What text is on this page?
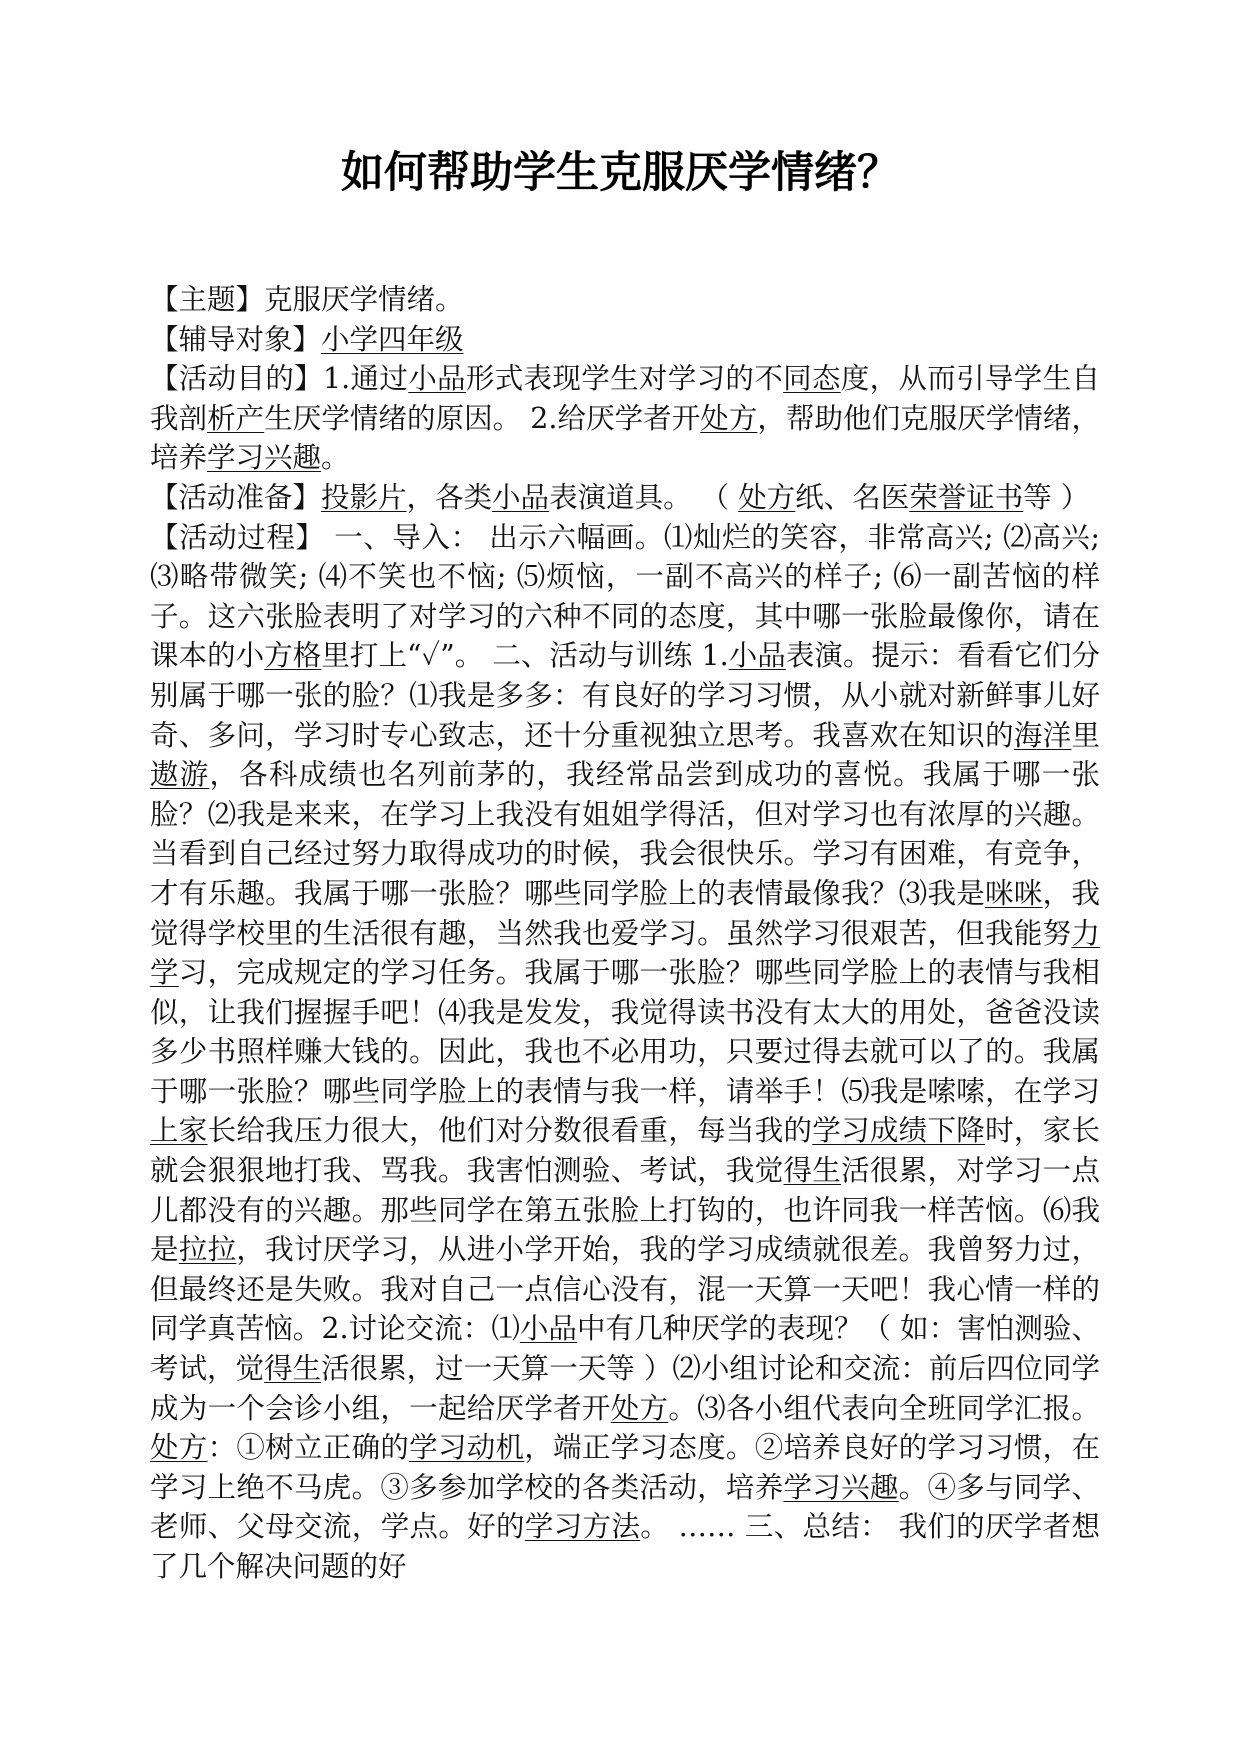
如何帮助学生克服厌学情绪？

【主题】克服厌学情绪。

【辅导对象】小学四年级

【活动目的】1.通过小品形式表现学生对学习的不同态度，从而引导学生自我剖析产生厌学情绪的原因。 2.给厌学者开处方，帮助他们克服厌学情绪，培养学习兴趣。

【活动准备】投影片，各类小品表演道具。 （ 处方纸、名医荣誉证书等 ）

【活动过程】 一、导入： 出示六幅画。⑴灿烂的笑容，非常高兴; ⑵高兴; ⑶略带微笑; ⑷不笑也不恼; ⑸烦恼，一副不高兴的样子; ⑹一副苦恼的样子。这六张脸表明了对学习的六种不同的态度，其中哪一张脸最像你，请在课本的小方格里打上“✓”。 二、活动与训练 1.小品表演。提示：看看它们分别属于哪一张的脸？⑴我是多多：有良好的学习习惯，从小就对新鲜事儿好奇、多问，学习时专心致志，还十分重视独立思考。我喜欢在知识的海洋里遨游，各科成绩也名列前茅的，我经常品尝到成功的喜悦。我属于哪一张脸？⑵我是来来，在学习上我没有姐姐学得活，但对学习也有浓厚的兴趣。当看到自己经过努力取得成功的时候，我会很快乐。学习有困难，有竞争，才有乐趣。我属于哪一张脸？哪些同学脸上的表情最像我？⑶我是咪咪，我觉得学校里的生活很有趣，当然我也爱学习。虽然学习很艰苦，但我能努力学习，完成规定的学习任务。我属于哪一张脸？哪些同学脸上的表情与我相似，让我们握握手吧！⑷我是发发，我觉得读书没有太大的用处，爸爸没读多少书照样赚大钱的。因此，我也不必用功，只要过得去就可以了的。我属于哪一张脸？哪些同学脸上的表情与我一样，请举手！⑸我是嗦嗦，在学习上家长给我压力很大，他们对分数很看重，每当我的学习成绩下降时，家长就会狠狠地打我、骂我。我害怕测验、考试，我觉得生活很累，对学习一点儿都没有的兴趣。那些同学在第五张脸上打钩的，也许同我一样苦恼。⑹我是拉拉，我讨厌学习，从进小学开始，我的学习成绩就很差。我曾努力过，但最终还是失败。我对自己一点信心没有，混一天算一天吧！我心情一样的同学真苦恼。2.讨论交流：⑴小品中有几种厌学的表现？（ 如：害怕测验、考试，觉得生活很累，过一天算一天等 ）⑵小组讨论和交流：前后四位同学成为一个会诊小组，一起给厌学者开处方。⑶各小组代表向全班同学汇报。处方：①树立正确的学习动机，端正学习态度。②培养良好的学习习惯，在学习上绝不马虎。③多参加学校的各类活动，培养学习兴趣。④多与同学、老师、父母交流，学点。好的学习方法。 …… 三、总结： 我们的厌学者想了几个解决问题的好
